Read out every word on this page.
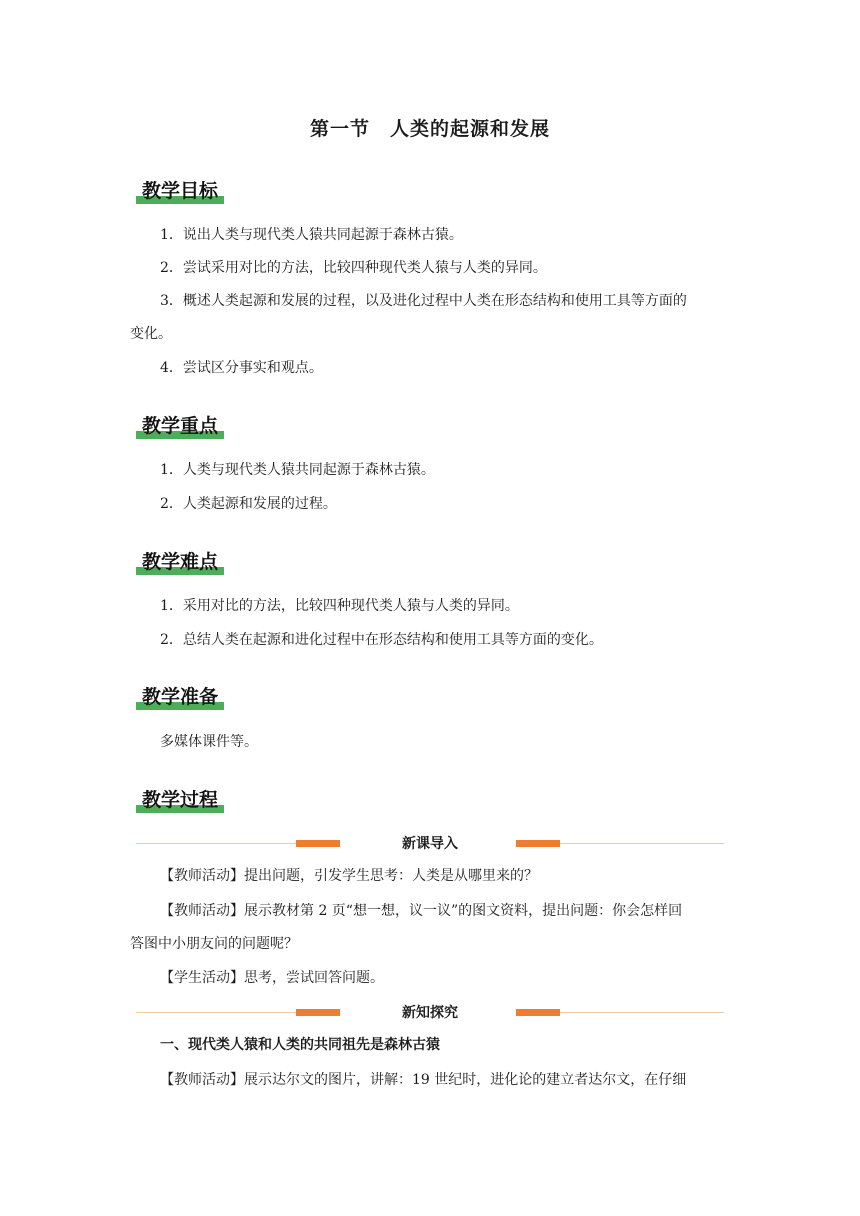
第一节　人类的起源和发展
教学目标
1．说出人类与现代类人猿共同起源于森林古猿。
2．尝试采用对比的方法，比较四种现代类人猿与人类的异同。
3．概述人类起源和发展的过程，以及进化过程中人类在形态结构和使用工具等方面的
变化。
4．尝试区分事实和观点。
教学重点
1．人类与现代类人猿共同起源于森林古猿。
2．人类起源和发展的过程。
教学难点
1．采用对比的方法，比较四种现代类人猿与人类的异同。
2．总结人类在起源和进化过程中在形态结构和使用工具等方面的变化。
教学准备
多媒体课件等。
教学过程
新课导入
【教师活动】提出问题，引发学生思考：人类是从哪里来的？
【教师活动】展示教材第 2 页“想一想，议一议”的图文资料，提出问题：你会怎样回
答图中小朋友问的问题呢？
【学生活动】思考，尝试回答问题。
新知探究
一、现代类人猿和人类的共同祖先是森林古猿
【教师活动】展示达尔文的图片，讲解：19 世纪时，进化论的建立者达尔文，在仔细
